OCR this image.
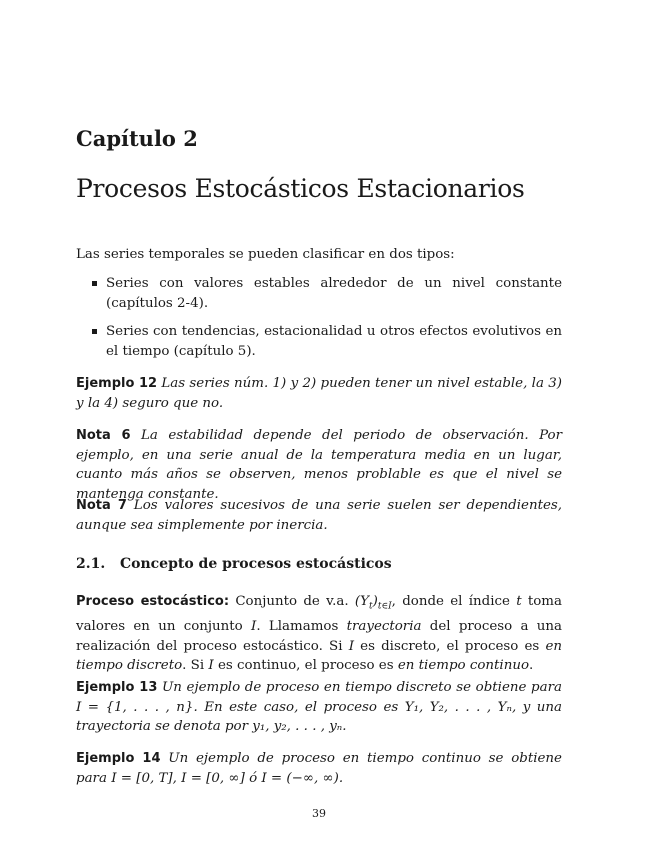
Capítulo 2
Procesos Estocásticos Estacionarios
Las series temporales se pueden clasificar en dos tipos:
Series con valores estables alrededor de un nivel constante (capítulos 2-4).
Series con tendencias, estacionalidad u otros efectos evolutivos en el tiempo (capítulo 5).

Ejemplo 12 Las series núm. 1) y 2) pueden tener un nivel estable, la 3) y la 4) seguro que no.

Nota 6 La estabilidad depende del periodo de observación. Por ejemplo, en una serie anual de la temperatura media en un lugar, cuanto más años se observen, menos problable es que el nivel se mantenga constante.

Nota 7 Los valores sucesivos de una serie suelen ser dependientes, aunque sea simplemente por inercia.

2.1. Concepto de procesos estocásticos

Proceso estocástico: Conjunto de v.a. $(Y_t)_{t\in I}$, donde el índice t toma valores en un conjunto I. Llamamos trayectoria del proceso a una realización del proceso estocástico. Si I es discreto, el proceso es en tiempo discreto. Si I es continuo, el proceso es en tiempo continuo.

Ejemplo 13 Un ejemplo de proceso en tiempo discreto se obtiene para I = {1, . . . , n}. En este caso, el proceso es Y₁, Y₂, . . . , Yₙ, y una trayectoria se denota por y₁, y₂, . . . , yₙ.

Ejemplo 14 Un ejemplo de proceso en tiempo continuo se obtiene para I = [0, T], I = [0, ∞] ó I = (−∞, ∞).

39
